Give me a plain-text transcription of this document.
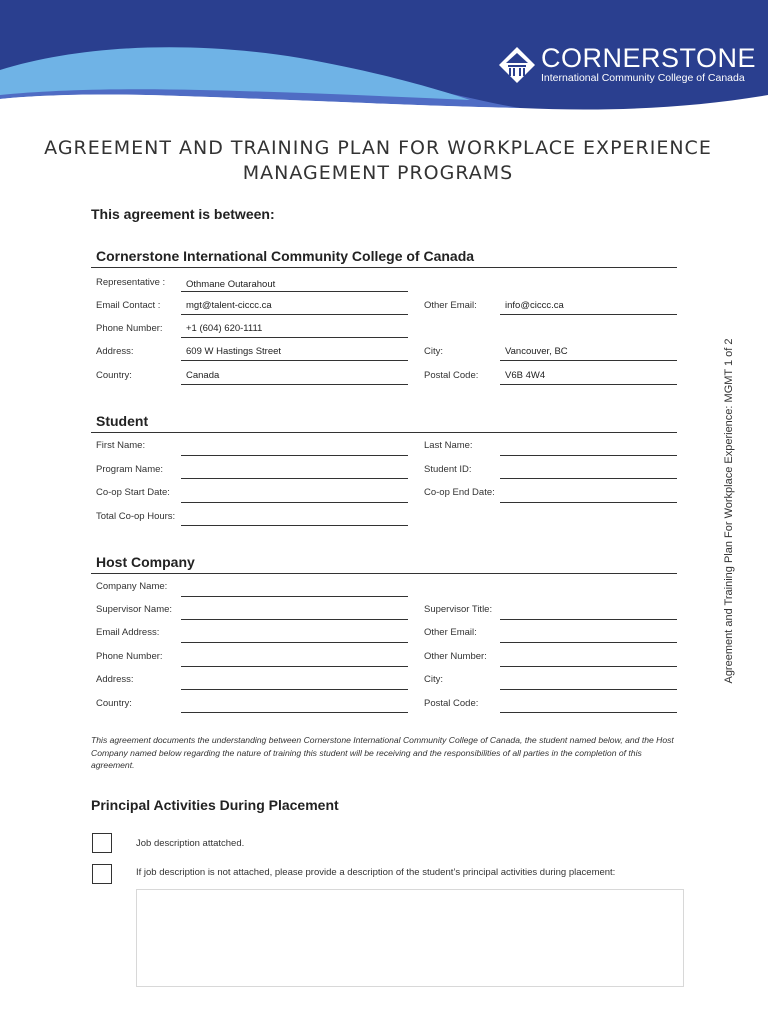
CORNERSTONE
International Community College of Canada
AGREEMENT AND TRAINING PLAN FOR WORKPLACE EXPERIENCE
MANAGEMENT PROGRAMS
This agreement is between:
Cornerstone International Community College of Canada
Representative : Othmane Outarahout
Email Contact :	mgt@talent-ciccc.ca	Other Email:	info@ciccc.ca
Phone Number: +1 (604) 620-1111
Address:	609 W Hastings Street	City:	Vancouver, BC
Country:	Canada	Postal Code:	V6B 4W4
Student
First Name:	Last Name:
Program Name:	Student ID:
Co-op Start Date:	Co-op End Date:
Total Co-op Hours:
Host Company
Company Name:
Supervisor Name:	Supervisor Title:
Email Address:	Other Email:
Phone Number:	Other Number:
Address:	City:
Country:	Postal Code:
This agreement documents the understanding between Cornerstone International Community College of Canada, the student named below, and the Host Company named below regarding the nature of training this student will be receiving and the responsibilities of all parties in the completion of this agreement.
Principal Activities During Placement
Job description attatched.
If job description is not attached, please provide a description of the student’s principal activities during placement:
Agreement and Training Plan For Workplace Experience: MGMT 1 of 2
